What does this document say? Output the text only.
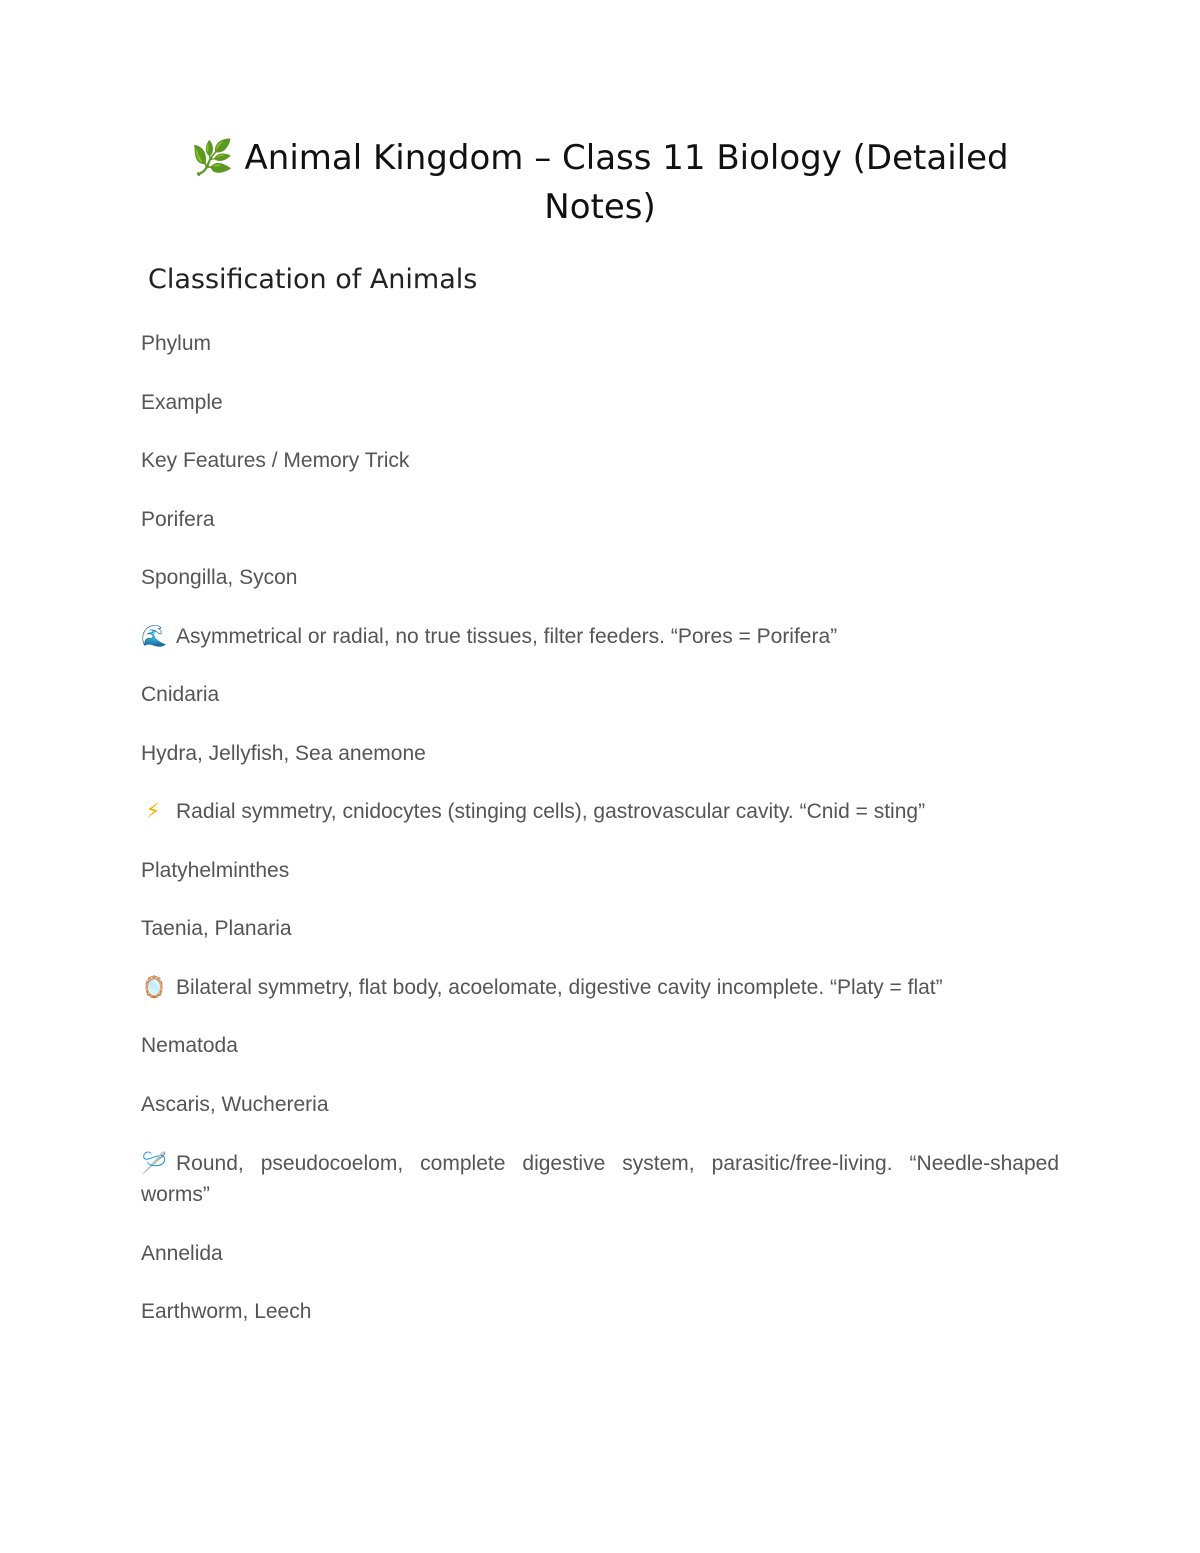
🌿 Animal Kingdom – Class 11 Biology (Detailed Notes)
Classification of Animals

Phylum

Example

Key Features / Memory Trick

Porifera

Spongilla, Sycon

🌊 Asymmetrical or radial, no true tissues, filter feeders. “Pores = Porifera”

Cnidaria

Hydra, Jellyfish, Sea anemone

⚡ Radial symmetry, cnidocytes (stinging cells), gastrovascular cavity. “Cnid = sting”

Platyhelminthes

Taenia, Planaria

🪞 Bilateral symmetry, flat body, acoelomate, digestive cavity incomplete. “Platy = flat”

Nematoda

Ascaris, Wuchereria

🪡 Round, pseudocoelom, complete digestive system, parasitic/free-living. “Needle-shaped worms”

Annelida

Earthworm, Leech
